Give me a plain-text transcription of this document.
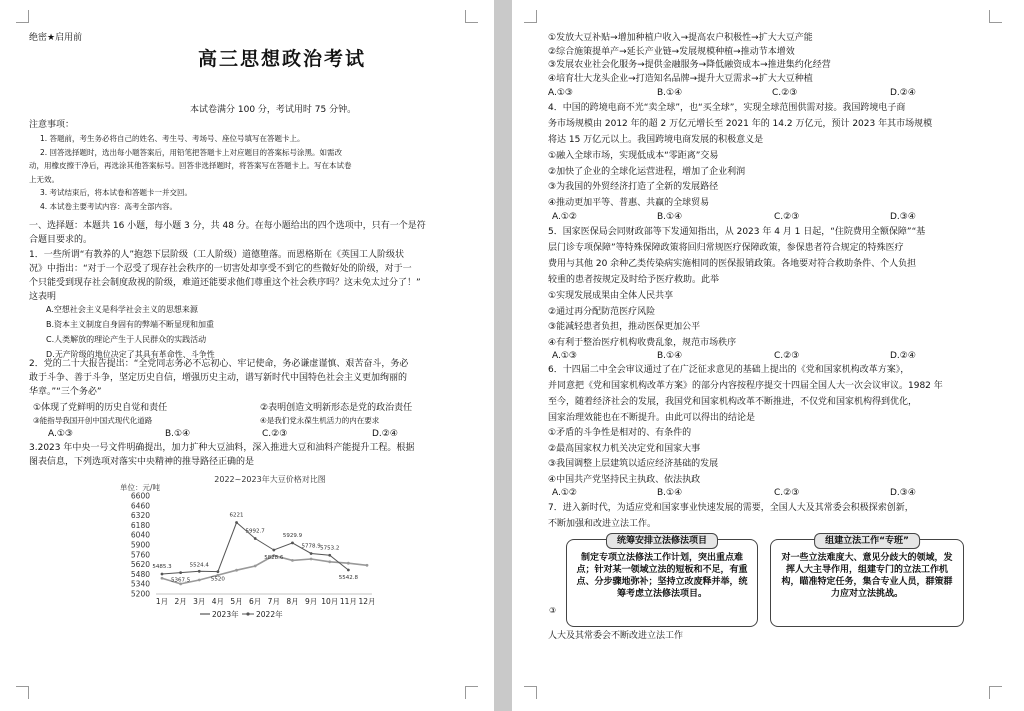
绝密★启用前
高三思想政治考试
本试卷满分 100 分，考试用时 75 分钟。
注意事项：
1. 答题前，考生务必将自己的姓名、考生号、考场号、座位号填写在答题卡上。
2. 回答选择题时，选出每小题答案后，用铅笔把答题卡上对应题目的答案标号涂黑。如需改
动，用橡皮擦干净后，再选涂其他答案标号。回答非选择题时，将答案写在答题卡上。写在本试卷
上无效。
3. 考试结束后，将本试卷和答题卡一并交回。
4. 本试卷主要考试内容：高考全部内容。
一、选择题：本题共 16 小题，每小题 3 分，共 48 分。在每小题给出的四个选项中，只有一个是符
合题目要求的。
1．一些所谓“有教养的人”抱怨下层阶级（工人阶级）道德堕落。而恩格斯在《英国工人阶级状
况》中指出：“对于一个忍受了现存社会秩序的一切害处却享受不到它的些微好处的阶级，对于一
个只能受到现存社会制度敌视的阶级，难道还能要求他们尊重这个社会秩序吗？这未免太过分了！”
这表明
A.空想社会主义是科学社会主义的思想来源
B.资本主义制度自身固有的弊端不断显现和加重
C.人类解放的理论产生于人民群众的实践活动
D.无产阶级的地位决定了其具有革命性、斗争性
2．党的二十大报告提出：“全党同志务必不忘初心、牢记使命，务必谦虚谨慎、艰苦奋斗，务必
敢于斗争、善于斗争，坚定历史自信，增强历史主动，谱写新时代中国特色社会主义更加绚丽的
华章。”“三个务必”
①体现了党鲜明的历史自觉和责任	②表明创造文明新形态是党的政治责任
③能指导我国开创中国式现代化道路	④是我们党永葆生机活力的内在要求
A.①③	B.①④	C.②③	D.②④
3.2023 年中央一号文件明确提出，加力扩种大豆油料，深入推进大豆和油料产能提升工程。根据
图表信息，下列选项对落实中央精神的推导路径正确的是
2022~2023年大豆价格对比图
单位：元/吨
5200
5340
5480
5620
5760
5900
6040
6180
6320
6460
6600
1月 2月 3月 4月 5月 6月 7月 8月 9月 10月 11月 12月
5485.3
5367.5
5524.4
5520
6221
5992.7
5828.6
5929.9
5778.9 5753.2
5542.8
2023年 2022年
①发放大豆补贴→增加种植户收入→提高农户积极性→扩大大豆产能
②综合施策提单产→延长产业链→发展规模种植→推动节本增效
③发展农业社会化服务→提供金融服务→降低融资成本→推进集约化经营
④培育壮大龙头企业→打造知名品牌→提升大豆需求→扩大大豆种植
A.①③	B.①④	C.②③	D.②④
4．中国的跨境电商不光“卖全球”，也“买全球”，实现全球范围供需对接。我国跨境电子商
务市场规模由 2012 年的超 2 万亿元增长至 2021 年的 14.2 万亿元，预计 2023 年其市场规模
将达 15 万亿元以上。我国跨境电商发展的积极意义是
①融入全球市场，实现低成本“零距离”交易
②加快了企业的全球化运营进程，增加了企业利润
③为我国的外贸经济打造了全新的发展路径
④推动更加平等、普惠、共赢的全球贸易
A.①②	B.①④	C.②③	D.③④
5．国家医保局会同财政部等下发通知指出，从 2023 年 4 月 1 日起，“住院费用全额保障”“基
层门诊专项保障”等特殊保障政策将回归常规医疗保障政策，参保患者符合规定的特殊医疗
费用与其他 20 余种乙类传染病实施相同的医保报销政策。各地要对符合救助条件、个人负担
较重的患者按规定及时给予医疗救助。此举
①实现发展成果由全体人民共享
②通过再分配防范医疗风险
③能减轻患者负担，推动医保更加公平
④有利于整治医疗机构收费乱象，规范市场秩序
A.①③	B.①④	C.②③	D.②④
6．十四届二中全会审议通过了在广泛征求意见的基础上提出的《党和国家机构改革方案》，
并同意把《党和国家机构改革方案》的部分内容按程序提交十四届全国人大一次会议审议。1982 年
至今，随着经济社会的发展，我国党和国家机构改革不断推进，不仅党和国家机构得到优化，
国家治理效能也在不断提升。由此可以得出的结论是
①矛盾的斗争性是相对的、有条件的
②最高国家权力机关决定党和国家大事
③我国调整上层建筑以适应经济基础的发展
④中国共产党坚持民主执政、依法执政
A.①②	B.①④	C.②③	D.③④
7．进入新时代，为适应党和国家事业快速发展的需要，全国人大及其常委会积极探索创新，
不断加强和改进立法工作。
统筹安排立法修法项目
制定专项立法修法工作计划，突出重点难点；针对某一领域立法的短板和不足，有重点、分步骤地弥补；坚持立改废释并举，统筹考虑立法修法项目。
组建立法工作“专班”
对一些立法难度大、意见分歧大的领域，发挥人大主导作用，组建专门的立法工作机构，瞄准特定任务，集合专业人员，群策群力应对立法挑战。
③
人大及其常委会不断改进立法工作
